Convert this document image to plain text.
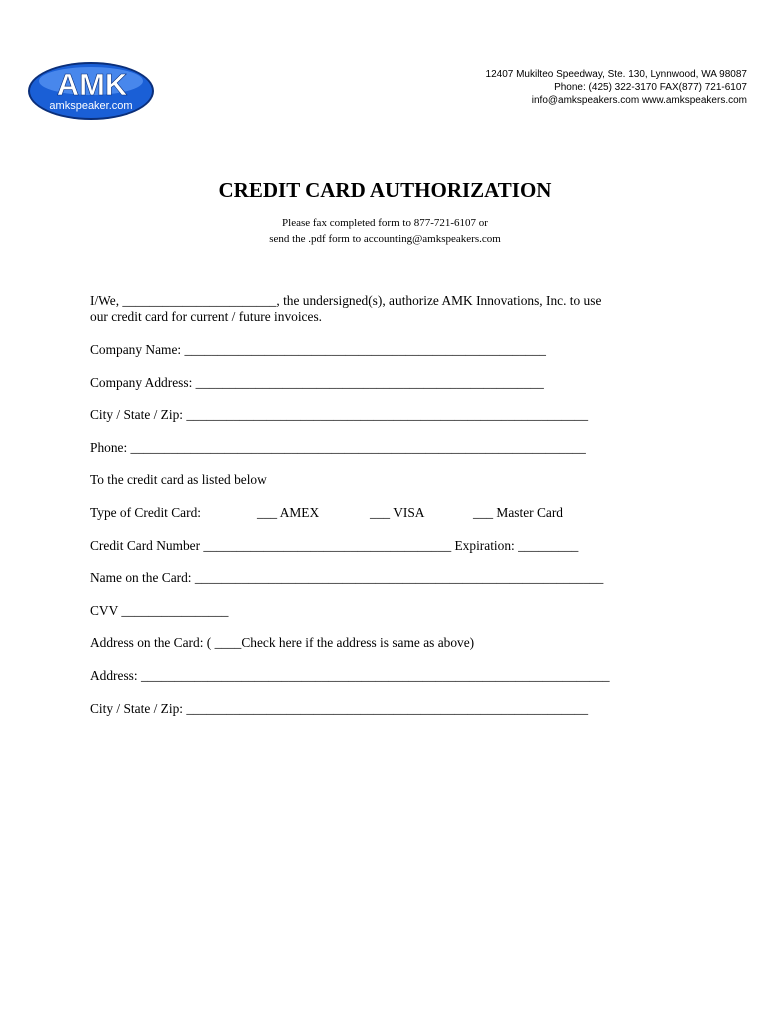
AMK
amkspeaker.com
12407 Mukilteo Speedway, Ste. 130, Lynnwood, WA 98087
Phone: (425) 322-3170 FAX(877) 721-6107
info@amkspeakers.com www.amkspeakers.com
CREDIT CARD AUTHORIZATION
Please fax completed form to 877-721-6107 or
send the .pdf form to accounting@amkspeakers.com
I/We, _______________________, the undersigned(s), authorize AMK Innovations, Inc. to use
our credit card for current / future invoices.
Company Name: ______________________________________________________
Company Address: ____________________________________________________
City / State / Zip: ____________________________________________________________
Phone: ____________________________________________________________________
To the credit card as listed below
Type of Credit Card:	___ AMEX	___ VISA	___ Master Card
Credit Card Number _____________________________________ Expiration: _________
Name on the Card: _____________________________________________________________
CVV ________________
Address on the Card: ( ____Check here if the address is same as above)
Address: ______________________________________________________________________
City / State / Zip: ____________________________________________________________
